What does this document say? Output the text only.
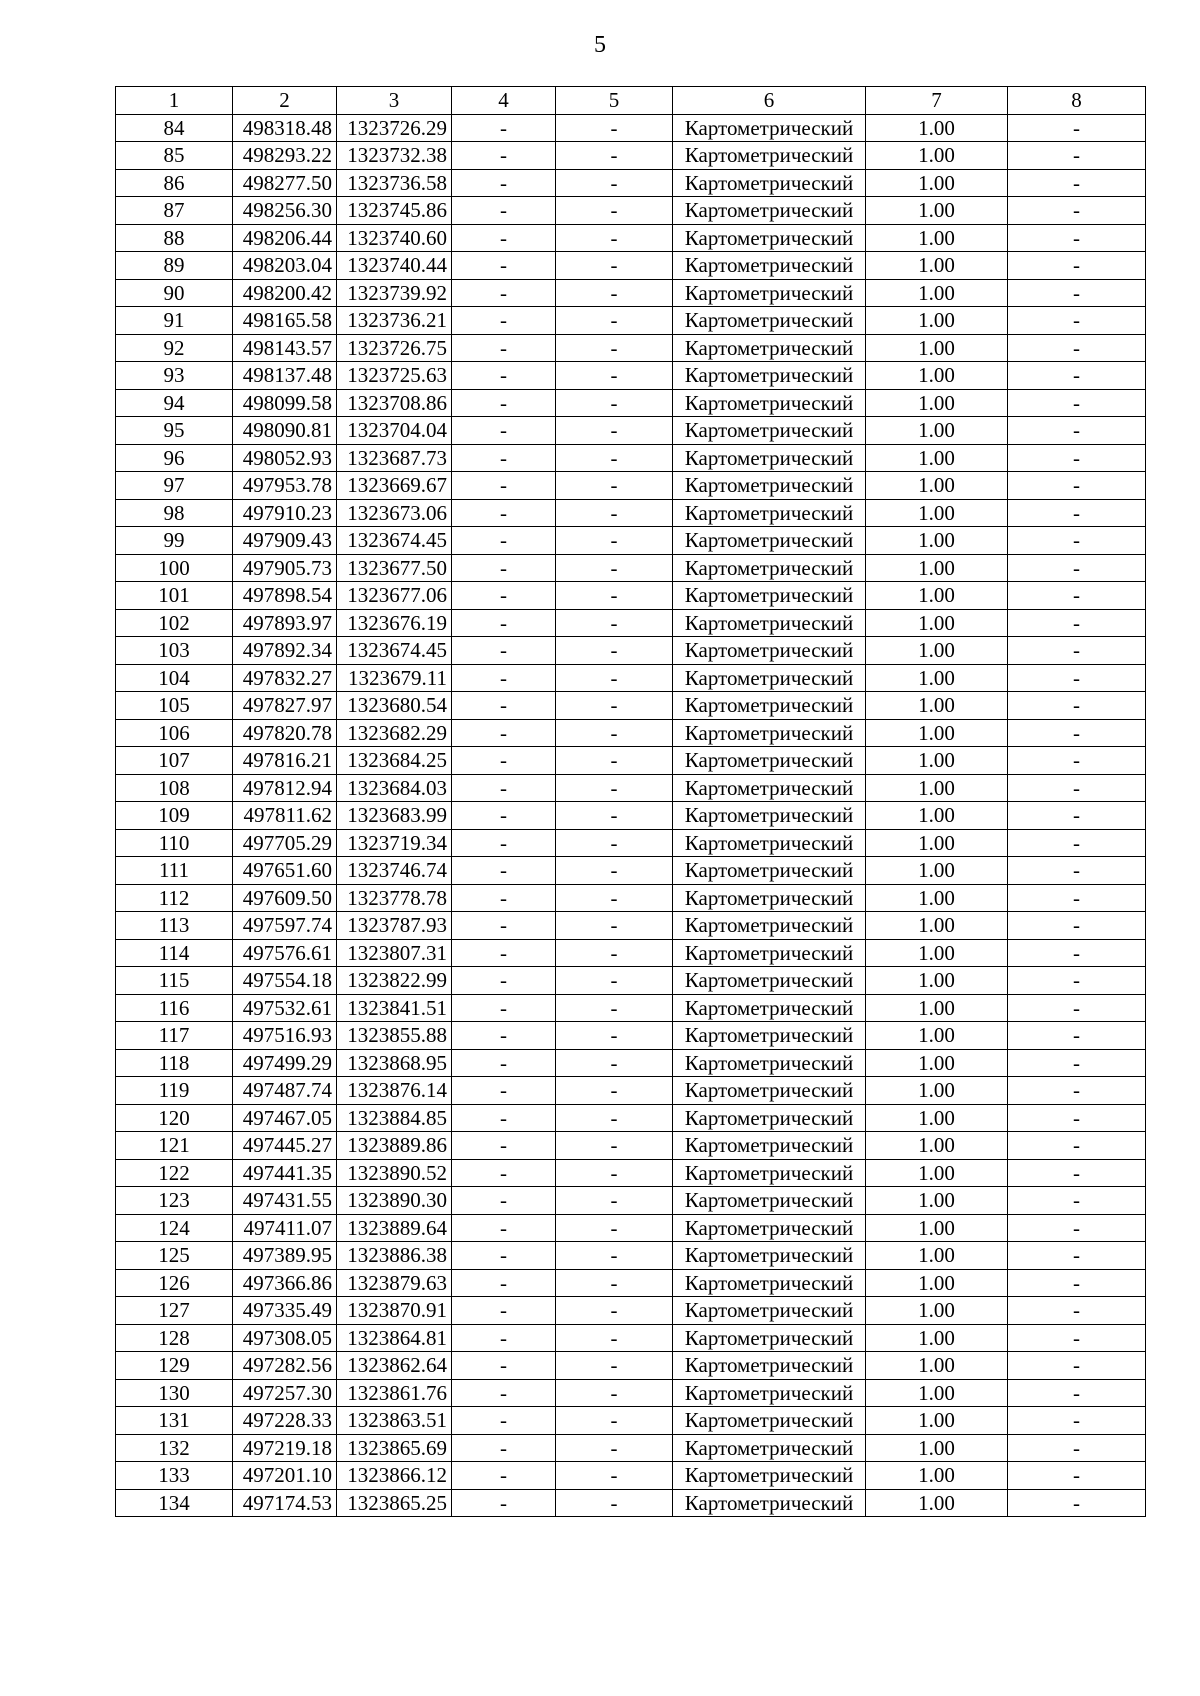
5
1	2	3	4	5	6	7	8
84	498318.48	1323726.29	-	-	Картометрический	1.00	-
85	498293.22	1323732.38	-	-	Картометрический	1.00	-
86	498277.50	1323736.58	-	-	Картометрический	1.00	-
87	498256.30	1323745.86	-	-	Картометрический	1.00	-
88	498206.44	1323740.60	-	-	Картометрический	1.00	-
89	498203.04	1323740.44	-	-	Картометрический	1.00	-
90	498200.42	1323739.92	-	-	Картометрический	1.00	-
91	498165.58	1323736.21	-	-	Картометрический	1.00	-
92	498143.57	1323726.75	-	-	Картометрический	1.00	-
93	498137.48	1323725.63	-	-	Картометрический	1.00	-
94	498099.58	1323708.86	-	-	Картометрический	1.00	-
95	498090.81	1323704.04	-	-	Картометрический	1.00	-
96	498052.93	1323687.73	-	-	Картометрический	1.00	-
97	497953.78	1323669.67	-	-	Картометрический	1.00	-
98	497910.23	1323673.06	-	-	Картометрический	1.00	-
99	497909.43	1323674.45	-	-	Картометрический	1.00	-
100	497905.73	1323677.50	-	-	Картометрический	1.00	-
101	497898.54	1323677.06	-	-	Картометрический	1.00	-
102	497893.97	1323676.19	-	-	Картометрический	1.00	-
103	497892.34	1323674.45	-	-	Картометрический	1.00	-
104	497832.27	1323679.11	-	-	Картометрический	1.00	-
105	497827.97	1323680.54	-	-	Картометрический	1.00	-
106	497820.78	1323682.29	-	-	Картометрический	1.00	-
107	497816.21	1323684.25	-	-	Картометрический	1.00	-
108	497812.94	1323684.03	-	-	Картометрический	1.00	-
109	497811.62	1323683.99	-	-	Картометрический	1.00	-
110	497705.29	1323719.34	-	-	Картометрический	1.00	-
111	497651.60	1323746.74	-	-	Картометрический	1.00	-
112	497609.50	1323778.78	-	-	Картометрический	1.00	-
113	497597.74	1323787.93	-	-	Картометрический	1.00	-
114	497576.61	1323807.31	-	-	Картометрический	1.00	-
115	497554.18	1323822.99	-	-	Картометрический	1.00	-
116	497532.61	1323841.51	-	-	Картометрический	1.00	-
117	497516.93	1323855.88	-	-	Картометрический	1.00	-
118	497499.29	1323868.95	-	-	Картометрический	1.00	-
119	497487.74	1323876.14	-	-	Картометрический	1.00	-
120	497467.05	1323884.85	-	-	Картометрический	1.00	-
121	497445.27	1323889.86	-	-	Картометрический	1.00	-
122	497441.35	1323890.52	-	-	Картометрический	1.00	-
123	497431.55	1323890.30	-	-	Картометрический	1.00	-
124	497411.07	1323889.64	-	-	Картометрический	1.00	-
125	497389.95	1323886.38	-	-	Картометрический	1.00	-
126	497366.86	1323879.63	-	-	Картометрический	1.00	-
127	497335.49	1323870.91	-	-	Картометрический	1.00	-
128	497308.05	1323864.81	-	-	Картометрический	1.00	-
129	497282.56	1323862.64	-	-	Картометрический	1.00	-
130	497257.30	1323861.76	-	-	Картометрический	1.00	-
131	497228.33	1323863.51	-	-	Картометрический	1.00	-
132	497219.18	1323865.69	-	-	Картометрический	1.00	-
133	497201.10	1323866.12	-	-	Картометрический	1.00	-
134	497174.53	1323865.25	-	-	Картометрический	1.00	-
